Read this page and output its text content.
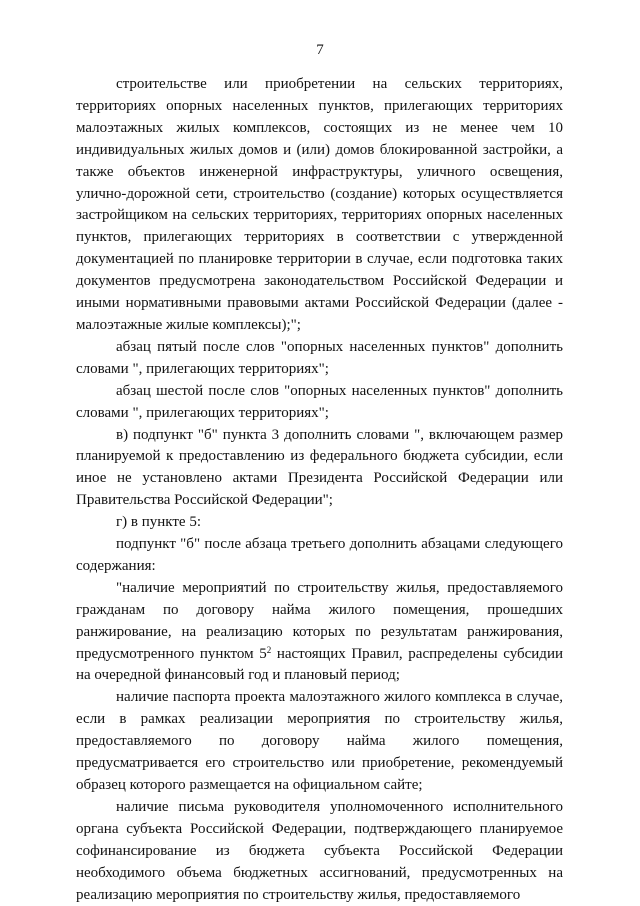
7

строительстве или приобретении на сельских территориях, территориях опорных населенных пунктов, прилегающих территориях малоэтажных жилых комплексов, состоящих из не менее чем 10 индивидуальных жилых домов и (или) домов блокированной застройки, а также объектов инженерной инфраструктуры, уличного освещения, улично-дорожной сети, строительство (создание) которых осуществляется застройщиком на сельских территориях, территориях опорных населенных пунктов, прилегающих территориях в соответствии с утвержденной документацией по планировке территории в случае, если подготовка таких документов предусмотрена законодательством Российской Федерации и иными нормативными правовыми актами Российской Федерации (далее - малоэтажные жилые комплексы);";

абзац пятый после слов "опорных населенных пунктов" дополнить словами ", прилегающих территориях";

абзац шестой после слов "опорных населенных пунктов" дополнить словами ", прилегающих территориях";

в) подпункт "б" пункта 3 дополнить словами ", включающем размер планируемой к предоставлению из федерального бюджета субсидии, если иное не установлено актами Президента Российской Федерации или Правительства Российской Федерации";

г) в пункте 5:

подпункт "б" после абзаца третьего дополнить абзацами следующего содержания:

"наличие мероприятий по строительству жилья, предоставляемого гражданам по договору найма жилого помещения, прошедших ранжирование, на реализацию которых по результатам ранжирования, предусмотренного пунктом $5^2$ настоящих Правил, распределены субсидии на очередной финансовый год и плановый период;

наличие паспорта проекта малоэтажного жилого комплекса в случае, если в рамках реализации мероприятия по строительству жилья, предоставляемого по договору найма жилого помещения, предусматривается его строительство или приобретение, рекомендуемый образец которого размещается на официальном сайте;

наличие письма руководителя уполномоченного исполнительного органа субъекта Российской Федерации, подтверждающего планируемое софинансирование из бюджета субъекта Российской Федерации необходимого объема бюджетных ассигнований, предусмотренных на реализацию мероприятия по строительству жилья, предоставляемого
